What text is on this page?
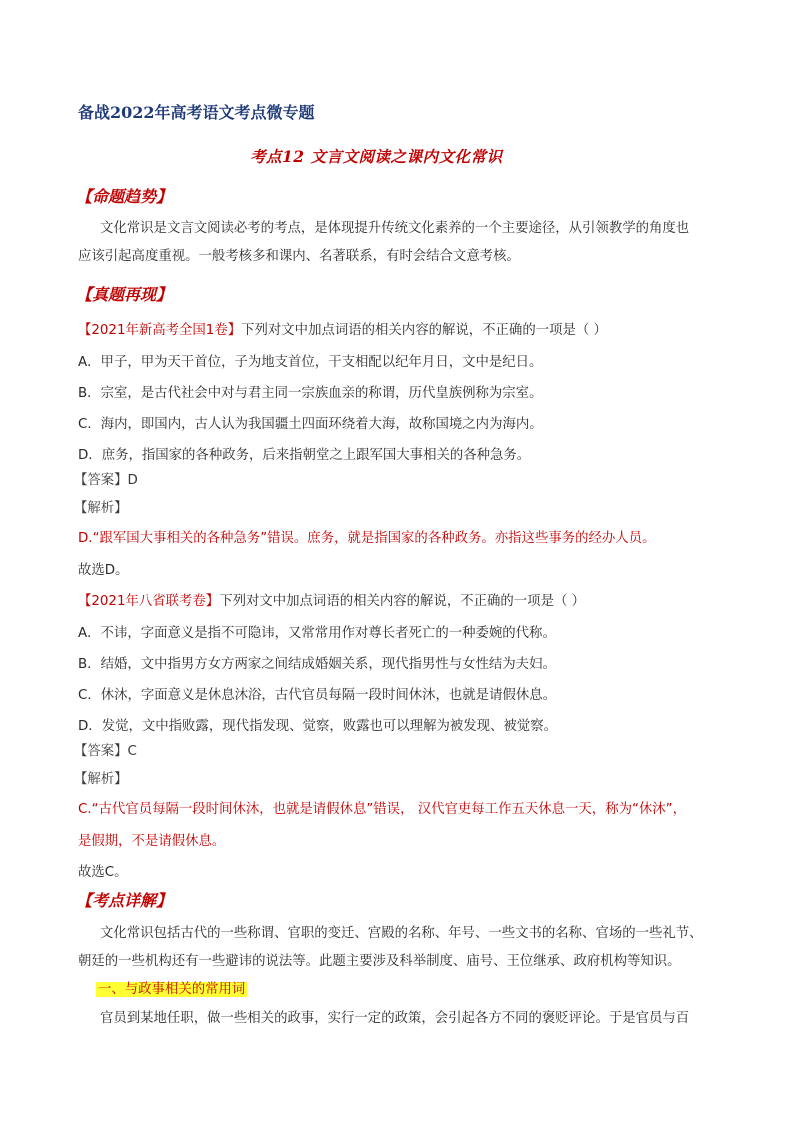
备战2022年高考语文考点微专题
考点12 文言文阅读之课内文化常识
【命题趋势】
文化常识是文言文阅读必考的考点，是体现提升传统文化素养的一个主要途径，从引领教学的角度也
应该引起高度重视。一般考核多和课内、名著联系，有时会结合文意考核。
【真题再现】
【2021年新高考全国1卷】下列对文中加点词语的相关内容的解说，不正确的一项是（ ）
A．甲子，甲为天干首位，子为地支首位，干支相配以纪年月日，文中是纪日。
B．宗室，是古代社会中对与君主同一宗族血亲的称谓，历代皇族例称为宗室。
C．海内，即国内，古人认为我国疆土四面环绕着大海，故称国境之内为海内。
D．庶务，指国家的各种政务，后来指朝堂之上跟军国大事相关的各种急务。
【答案】D
【解析】
D.“跟军国大事相关的各种急务”错误。庶务，就是指国家的各种政务。亦指这些事务的经办人员。
故选D。
【2021年八省联考卷】下列对文中加点词语的相关内容的解说，不正确的一项是（ ）
A．不讳，字面意义是指不可隐讳，又常常用作对尊长者死亡的一种委婉的代称。
B．结婚，文中指男方女方两家之间结成婚姻关系，现代指男性与女性结为夫妇。
C．休沐，字面意义是休息沐浴，古代官员每隔一段时间休沐，也就是请假休息。
D．发觉，文中指败露，现代指发现、觉察，败露也可以理解为被发现、被觉察。
【答案】C
【解析】
C.“古代官员每隔一段时间休沐，也就是请假休息”错误， 汉代官吏每工作五天休息一天，称为“休沐”，
是假期，不是请假休息。
故选C。
【考点详解】
文化常识包括古代的一些称谓、官职的变迁、宫殿的名称、年号、一些文书的名称、官场的一些礼节、
朝廷的一些机构还有一些避讳的说法等。此题主要涉及科举制度、庙号、王位继承、政府机构等知识。
一、与政事相关的常用词
官员到某地任职，做一些相关的政事，实行一定的政策，会引起各方不同的褒贬评论。于是官员与百
